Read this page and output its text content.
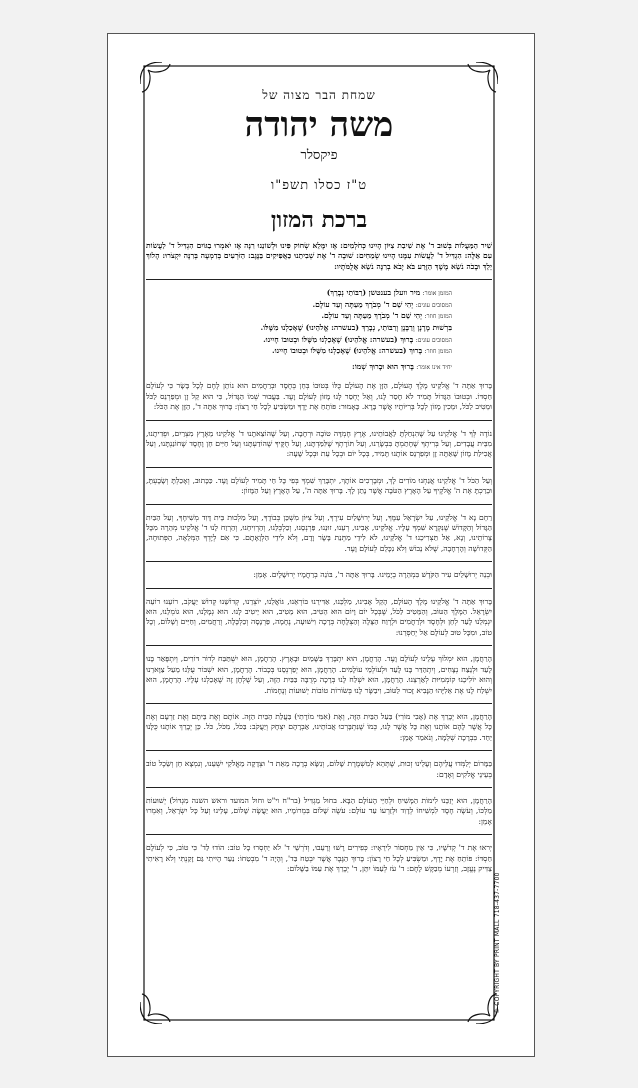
שמחת הבר מצוה של
משה יהודה
פיקסלר
ט"ז כסלו תשפ"ו
ברכת המזון

שִׁיר הַמַּעֲלוֹת בְּשׁוּב ד' אֶת שִׁיבַת צִיּוֹן הָיִינוּ כְּחֹלְמִים: אָז יִמָּלֵא שְׂחוֹק פִּינוּ וּלְשׁוֹנֵנוּ רִנָּה אָז יֹאמְרוּ בַגּוֹיִם הִגְדִּיל ד' לַעֲשׂוֹת עִם אֵלֶּה: הִגְדִּיל ד' לַעֲשׂוֹת עִמָּנוּ הָיִינוּ שְׂמֵחִים: שׁוּבָה ד' אֶת שְׁבִיתֵנוּ כַּאֲפִיקִים בַּנֶּגֶב: הַזֹּרְעִים בְּדִמְעָה בְּרִנָּה יִקְצֹרוּ: הָלוֹךְ יֵלֵךְ וּבָכֹה נֹשֵׂא מֶשֶׁךְ הַזָּרַע בֹּא יָבֹא בְרִנָּה נֹשֵׂא אֲלֻמֹּתָיו:

המזמן אומר: מיר וועלן בענטשן (רַבּוֹתַי נְבָרֵךְ)
המסובים עונים: יְהִי שֵׁם ד' מְבֹרָךְ מֵעַתָּה וְעַד עוֹלָם.
המזמן חוזר: יְהִי שֵׁם ד' מְבֹרָךְ מֵעַתָּה וְעַד עוֹלָם.
בִּרְשׁוּת מָרָנָן וְרַבָּנָן וְרַבּוֹתַי, נְבָרֵךְ (בעשרה: אֱלֹהֵינוּ) שֶׁאָכַלְנוּ מִשֶּׁלּוֹ.
המסובים עונים: בָּרוּךְ (בעשרה: אֱלֹהֵינוּ) שֶׁאָכַלְנוּ מִשֶּׁלּוֹ וּבְטוּבוֹ חָיִינוּ.
המזמן חוזר: בָּרוּךְ (בעשרה: אֱלֹהֵינוּ) שֶׁאָכַלְנוּ מִשֶּׁלּוֹ וּבְטוּבוֹ חָיִינוּ.
יחיד אינו אומר: בָּרוּךְ הוּא וּבָרוּךְ שְׁמוֹ:

בָּרוּךְ אַתָּה ד' אֱלֹקֵינוּ מֶלֶךְ הָעוֹלָם, הַזָּן אֶת הָעוֹלָם כֻּלּוֹ בְּטוּבוֹ בְּחֵן בְּחֶסֶד וּבְרַחֲמִים הוּא נוֹתֵן לֶחֶם לְכָל בָּשָׂר כִּי לְעוֹלָם חַסְדּוֹ. וּבְטוּבוֹ הַגָּדוֹל תָּמִיד לֹא חָסַר לָנוּ, וְאַל יֶחְסַר לָנוּ מָזוֹן לְעוֹלָם וָעֶד. בַּעֲבוּר שְׁמוֹ הַגָּדוֹל, כִּי הוּא קֵל זָן וּמְפַרְנֵס לַכֹּל וּמֵטִיב לַכֹּל, וּמֵכִין מָזוֹן לְכָל בְּרִיּוֹתָיו אֲשֶׁר בָּרָא. כָּאָמוּר: פּוֹתֵחַ אֶת יָדֶךָ וּמַשְׂבִּיעַ לְכָל חַי רָצוֹן: בָּרוּךְ אַתָּה ד', הַזָּן אֶת הַכֹּל:

נוֹדֶה לְּךָ ד' אֱלֹקֵינוּ עַל שֶׁהִנְחַלְתָּ לַאֲבוֹתֵינוּ, אֶרֶץ חֶמְדָּה טוֹבָה וּרְחָבָה, וְעַל שֶׁהוֹצֵאתָנוּ ד' אֱלֹקֵינוּ מֵאֶרֶץ מִצְרַיִם, וּפְדִיתָנוּ, מִבֵּית עֲבָדִים, וְעַל בְּרִיתְךָ שֶׁחָתַמְתָּ בִּבְשָׂרֵנוּ, וְעַל תּוֹרָתְךָ שֶׁלִּמַּדְתָּנוּ, וְעַל חֻקֶּיךָ שֶׁהוֹדַעְתָּנוּ וְעַל חַיִּים חֵן וָחֶסֶד שֶׁחוֹנַנְתָּנוּ, וְעַל אֲכִילַת מָזוֹן שָׁאַתָּה זָן וּמְפַרְנֵס אוֹתָנוּ תָּמִיד, בְּכָל יוֹם וּבְכָל עֵת וּבְכָל שָׁעָה:

וְעַל הַכֹּל ד' אֱלֹקֵינוּ אֲנַחְנוּ מוֹדִים לָךְ, וּמְבָרְכִים אוֹתָךְ, יִתְבָּרַךְ שִׁמְךָ בְּפִי כָּל חַי תָּמִיד לְעוֹלָם וָעֶד. כַּכָּתוּב, וְאָכַלְתָּ וְשָׂבָעְתָּ, וּבֵרַכְתָּ אֶת ה' אֱלֹקֶיךָ עַל הָאָרֶץ הַטֹּבָה אֲשֶׁר נָתַן לָךְ. בָּרוּךְ אַתָּה ה', עַל הָאָרֶץ וְעַל הַמָּזוֹן:

רַחֵם נָא ד' אֱלֹקֵינוּ, עַל יִשְׂרָאֵל עַמֶּךָ, וְעַל יְרוּשָׁלַיִם עִירֶךָ, וְעַל צִיּוֹן מִשְׁכַּן כְּבוֹדֶךָ, וְעַל מַלְכוּת בֵּית דָּוִד מְשִׁיחֶךָ, וְעַל הַבַּיִת הַגָּדוֹל וְהַקָּדוֹשׁ שֶׁנִּקְרָא שִׁמְךָ עָלָיו. אֱלֹקֵינוּ, אָבִינוּ, רְעֵנוּ, זוּנֵנוּ, פַּרְנְסֵנוּ, וְכַלְכְּלֵנוּ, וְהַרְוִיחֵנוּ, וְהַרְוַח לָנוּ ד' אֱלֹקֵינוּ מְהֵרָה מִכָּל צָרוֹתֵינוּ, וְנָא, אַל תַּצְרִיכֵנוּ ד' אֱלֹקֵינוּ, לֹא לִידֵי מַתְּנַת בָּשָׂר וָדָם, וְלֹא לִידֵי הַלְוָאָתָם. כִּי אִם לְיָדְךָ הַמְּלֵאָה, הַפְּתוּחָה, הַקְּדוֹשָׁה וְהָרְחָבָה, שֶׁלֹּא נֵבוֹשׁ וְלֹא נִכָּלֵם לְעוֹלָם וָעֶד.

וּבְנֵה יְרוּשָׁלַיִם עִיר הַקֹּדֶשׁ בִּמְהֵרָה בְיָמֵינוּ. בָּרוּךְ אַתָּה ד', בּוֹנֵה בְרַחֲמָיו יְרוּשָׁלָיִם. אָמֵן:

בָּרוּךְ אַתָּה ד' אֱלֹקֵינוּ מֶלֶךְ הָעוֹלָם, הָקֵל אָבִינוּ, מַלְכֵּנוּ, אַדִּירֵנוּ בּוֹרְאֵנוּ, גּוֹאֲלֵנוּ, יוֹצְרֵנוּ, קְדוֹשֵׁנוּ קְדוֹשׁ יַעֲקֹב, רוֹעֵנוּ רוֹעֵה יִשְׂרָאֵל. הַמֶּלֶךְ הַטּוֹב, וְהַמֵּטִיב לַכֹּל, שֶׁבְּכָל יוֹם וָיוֹם הוּא הֵטִיב, הוּא מֵטִיב, הוּא יֵיטִיב לָנוּ. הוּא גְמָלָנוּ, הוּא גוֹמְלֵנוּ, הוּא יִגְמְלֵנוּ לָעַד לְחֵן וּלְחֶסֶד וּלְרַחֲמִים וּלְרֶוַח הַצָּלָה וְהַצְלָחָה בְּרָכָה וִישׁוּעָה, נֶחָמָה, פַּרְנָסָה וְכַלְכָּלָה, וְרַחֲמִים, וְחַיִּים וְשָׁלוֹם, וְכָל טוֹב, וּמִכָּל טוּב לְעוֹלָם אַל יְחַסְּרֵנוּ:

הָרַחֲמָן, הוּא יִמְלוֹךְ עָלֵינוּ לְעוֹלָם וָעֶד. הָרַחֲמָן, הוּא יִתְבָּרַךְ בַּשָּׁמַיִם וּבָאָרֶץ. הָרַחֲמָן, הוּא יִשְׁתַּבַּח לְדוֹר דּוֹרִים, וְיִתְפָּאַר בָּנוּ לָעַד וּלְנֵצַח נְצָחִים, וְיִתְהַדַּר בָּנוּ לָעַד וּלְעוֹלְמֵי עוֹלָמִים. הָרַחֲמָן, הוּא יְפַרְנְסֵנוּ בְּכָבוֹד. הָרַחֲמָן, הוּא יִשְׁבּוֹר עֻלֵּנוּ מֵעַל צַוָּארֵנוּ וְהוּא יוֹלִיכֵנוּ קוֹמְמִיּוּת לְאַרְצֵנוּ. הָרַחֲמָן, הוּא יִשְׁלַח לָנוּ בְּרָכָה מְרֻבָּה בַּבַּיִת הַזֶּה, וְעַל שֻׁלְחָן זֶה שֶׁאָכַלְנוּ עָלָיו. הָרַחֲמָן, הוּא יִשְׁלַח לָנוּ אֶת אֵלִיָּהוּ הַנָּבִיא זָכוּר לַטּוֹב, וִיבַשֶּׂר לָנוּ בְּשׂוֹרוֹת טוֹבוֹת יְשׁוּעוֹת וְנֶחָמוֹת.

הָרַחֲמָן, הוּא יְבָרֵךְ אֶת (אָבִי מוֹרִי) בַּעַל הַבַּיִת הַזֶּה, וְאֶת (אִמִּי מוֹרָתִי) בַּעֲלַת הַבַּיִת הַזֶּה. אוֹתָם וְאֶת בֵּיתָם וְאֶת זַרְעָם וְאֶת כָּל אֲשֶׁר לָהֶם אוֹתָנוּ וְאֶת כָּל אֲשֶׁר לָנוּ, כְּמוֹ שֶׁנִּתְבָּרְכוּ אֲבוֹתֵינוּ, אַבְרָהָם יִצְחָק וְיַעֲקֹב: בַּכֹּל, מִכֹּל, כֹּל. כֵּן יְבָרֵךְ אוֹתָנוּ כֻּלָּנוּ יַחַד. בִּבְרָכָה שְׁלֵמָה, וְנֹאמַר אָמֵן:

בַּמָּרוֹם יְלַמְּדוּ עֲלֵיהֶם וְעָלֵינוּ זְכוּת, שֶׁתְּהֵא לְמִשְׁמֶרֶת שָׁלוֹם, וְנִשָּׂא בְרָכָה מֵאֵת ד' וּצְדָקָה מֵאֱלֹקֵי יִשְׁעֵנוּ, וְנִמְצָא חֵן וְשֵׂכֶל טוֹב בְּעֵינֵי אֱלֹקִים וְאָדָם:

הָרַחֲמָן, הוּא יְזַכֵּנוּ לִימוֹת הַמָּשִׁיחַ וּלְחַיֵּי הָעוֹלָם הַבָּא. בחול מַגְדִּיל (בר"ח וי"ט וחול המועד וראש השנה מִגְדּוֹל) יְשׁוּעוֹת מַלְכּוֹ, וְעֹשֶׂה חֶסֶד לִמְשִׁיחוֹ לְדָוִד וּלְזַרְעוֹ עַד עוֹלָם: עֹשֶׂה שָׁלוֹם בִּמְרוֹמָיו, הוּא יַעֲשֶׂה שָׁלוֹם, עָלֵינוּ וְעַל כָּל יִשְׂרָאֵל, וְאִמְרוּ אָמֵן:

יְראוּ אֶת ד' קְדֹשָׁיו, כִּי אֵין מַחְסוֹר לִירֵאָיו: כְּפִירִים רָשׁוּ וְרָעֵבוּ, וְדֹרְשֵׁי ד' לֹא יַחְסְרוּ כָל טוֹב: הוֹדוּ לַד' כִּי טוֹב, כִּי לְעוֹלָם חַסְדּוֹ: פּוֹתֵחַ אֶת יָדֶךָ, וּמַשְׂבִּיעַ לְכָל חַי רָצוֹן: בָּרוּךְ הַגֶּבֶר אֲשֶׁר יִבְטַח בַּד', וְהָיָה ד' מִבְטַחוֹ: נַעַר הָיִיתִי גַּם זָקַנְתִּי וְלֹא רָאִיתִי צַדִּיק נֶעֱזָב, וְזַרְעוֹ מְבַקֶּשׁ לָחֶם: ד' עֹז לְעַמּוֹ יִתֵּן, ד' יְבָרֵךְ אֶת עַמּוֹ בַשָּׁלוֹם:

© COPYRIGHT BY PRINT MALL 718-437-7700
